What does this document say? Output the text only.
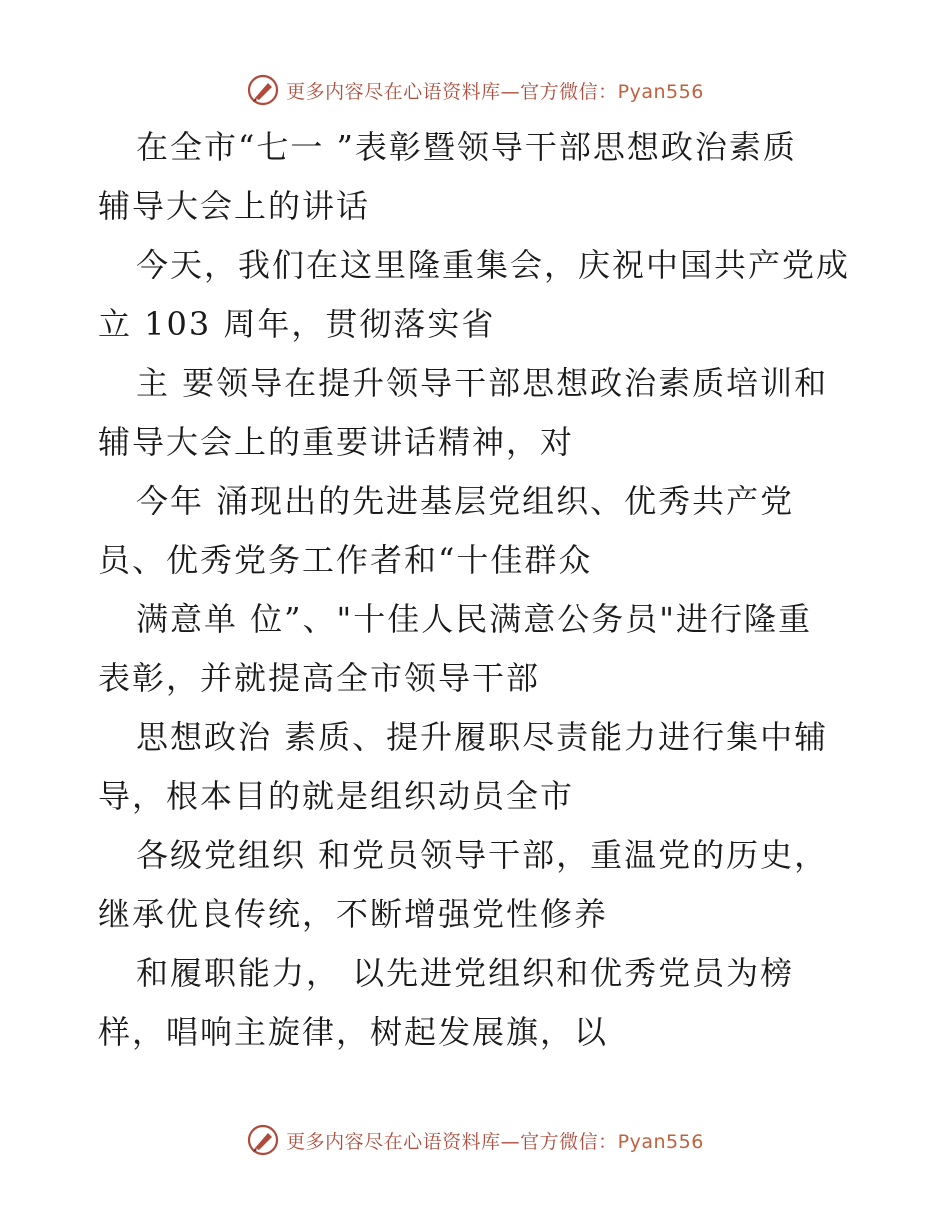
更多内容尽在心语资料库—官方微信：Pyan556
在全市“七一 ”表彰暨领导干部思想政治素质
辅导大会上的讲话
今天，我们在这里隆重集会，庆祝中国共产党成
立 103 周年，贯彻落实省
主 要领导在提升领导干部思想政治素质培训和
辅导大会上的重要讲话精神，对
今年 涌现出的先进基层党组织、优秀共产党
员、优秀党务工作者和“十佳群众
满意单 位”、"十佳人民满意公务员"进行隆重
表彰，并就提高全市领导干部
思想政治 素质、提升履职尽责能力进行集中辅
导，根本目的就是组织动员全市
各级党组织 和党员领导干部，重温党的历史，
继承优良传统，不断增强党性修养
和履职能力， 以先进党组织和优秀党员为榜
样，唱响主旋律，树起发展旗，以
更多内容尽在心语资料库—官方微信：Pyan556
